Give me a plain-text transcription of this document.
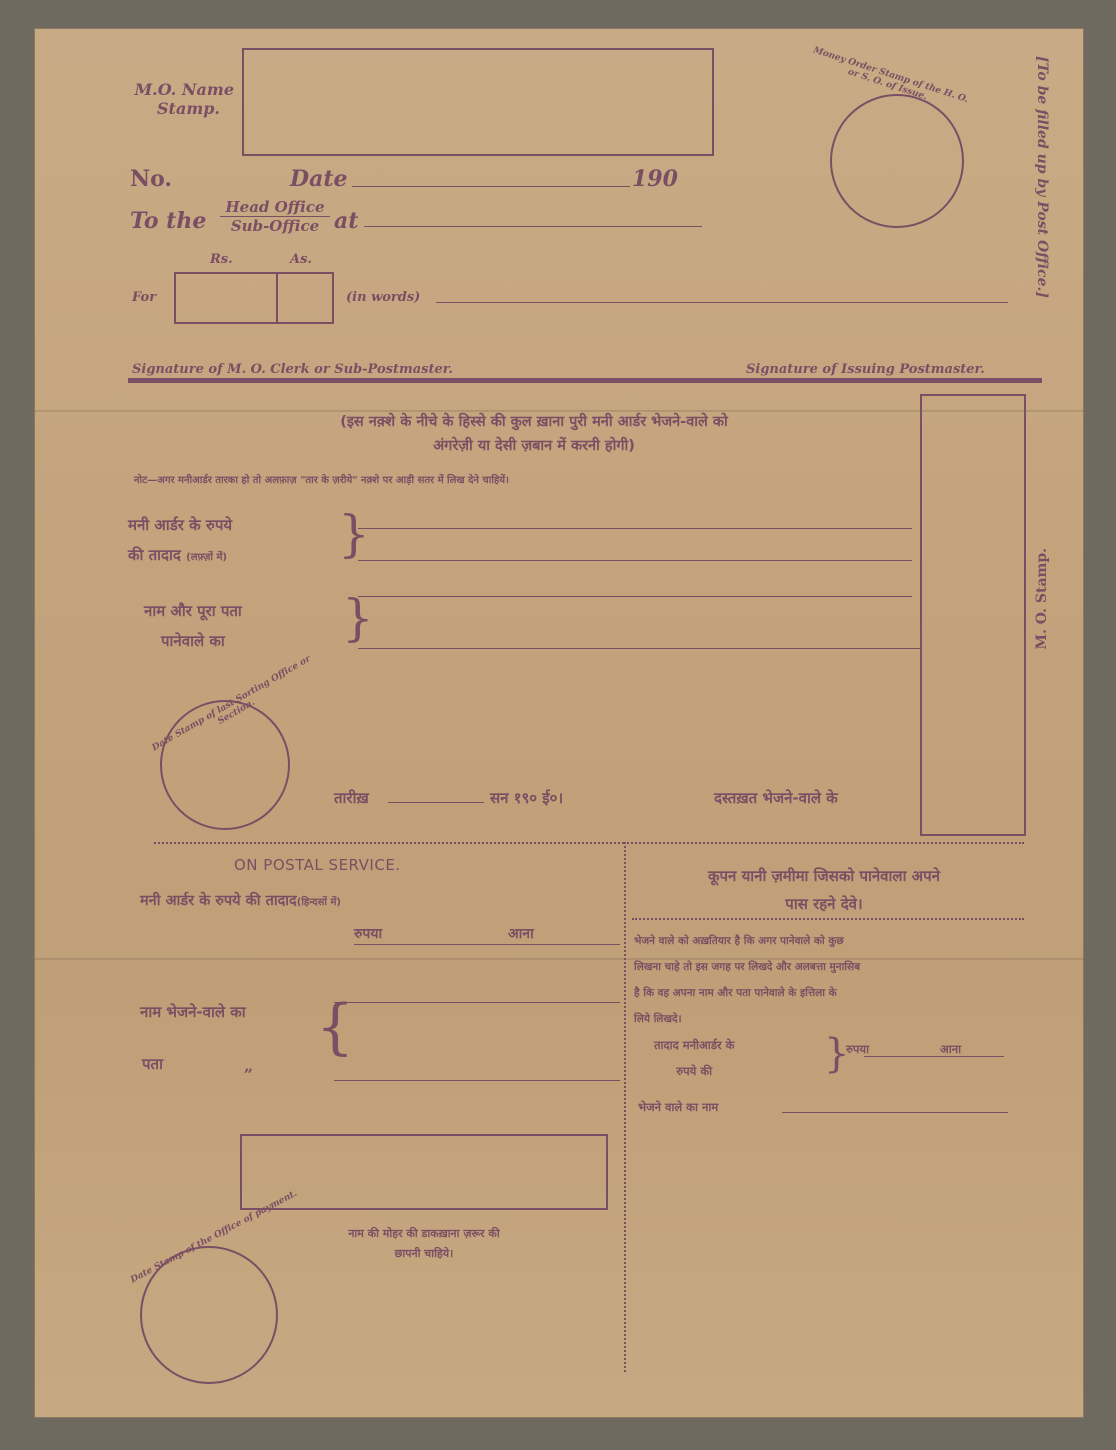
M.O. Name
Stamp.
Money Order Stamp of the H. O. or S. O. of Issue.	[To be filled up by Post Office.]
No.	Date	190
To the
Head Office
Sub-Office at
Rs.	As.
For	(in words)
Signature of M. O. Clerk or Sub-Postmaster.	Signature of Issuing Postmaster.
(इस नक़्शे के नीचे के हिस्से की कुल ख़ाना पुरी मनी आर्डर भेजने-वाले को
अंगरेज़ी या देसी ज़बान में करनी होगी)
नोट—अगर मनीआर्डर तारका हो तो अलफ़ाज़ "तार के ज़रीये" नक़्शे पर आड़ी सतर में लिख देने चाहियें।
M. O. Stamp.
मनी आर्डर के रुपये
की तादाद (लफ़्ज़ों में) }
नाम और पूरा पता
पानेवाले का	}
Date Stamp of last Sorting Office or Section.
तारीख़	सन १९० ई०।	दस्तख़त भेजने-वाले के
ON POSTAL SERVICE.
मनी आर्डर के रुपये की तादाद(हिन्दसों में)
रुपया	आना
नाम भेजने-वाले का
पता	„
{
नाम की मोहर की डाकख़ाना ज़रूर की
छापनी चाहिये।
Date Stamp of the Office of payment.
कूपन यानी ज़मीमा जिसको पानेवाला अपने
पास रहने देवे।
भेजने वाले को अख़तियार है कि अगर पानेवाले को कुछ
लिखना चाहे तो इस जगह पर लिखदे और अलबत्ता मुनासिब
है कि वह अपना नाम और पता पानेवाले के इत्तिला के
लिये लिखदे।
तादाद मनीआर्डर के
रुपये की	}
रुपया	आना
भेजने वाले का नाम
